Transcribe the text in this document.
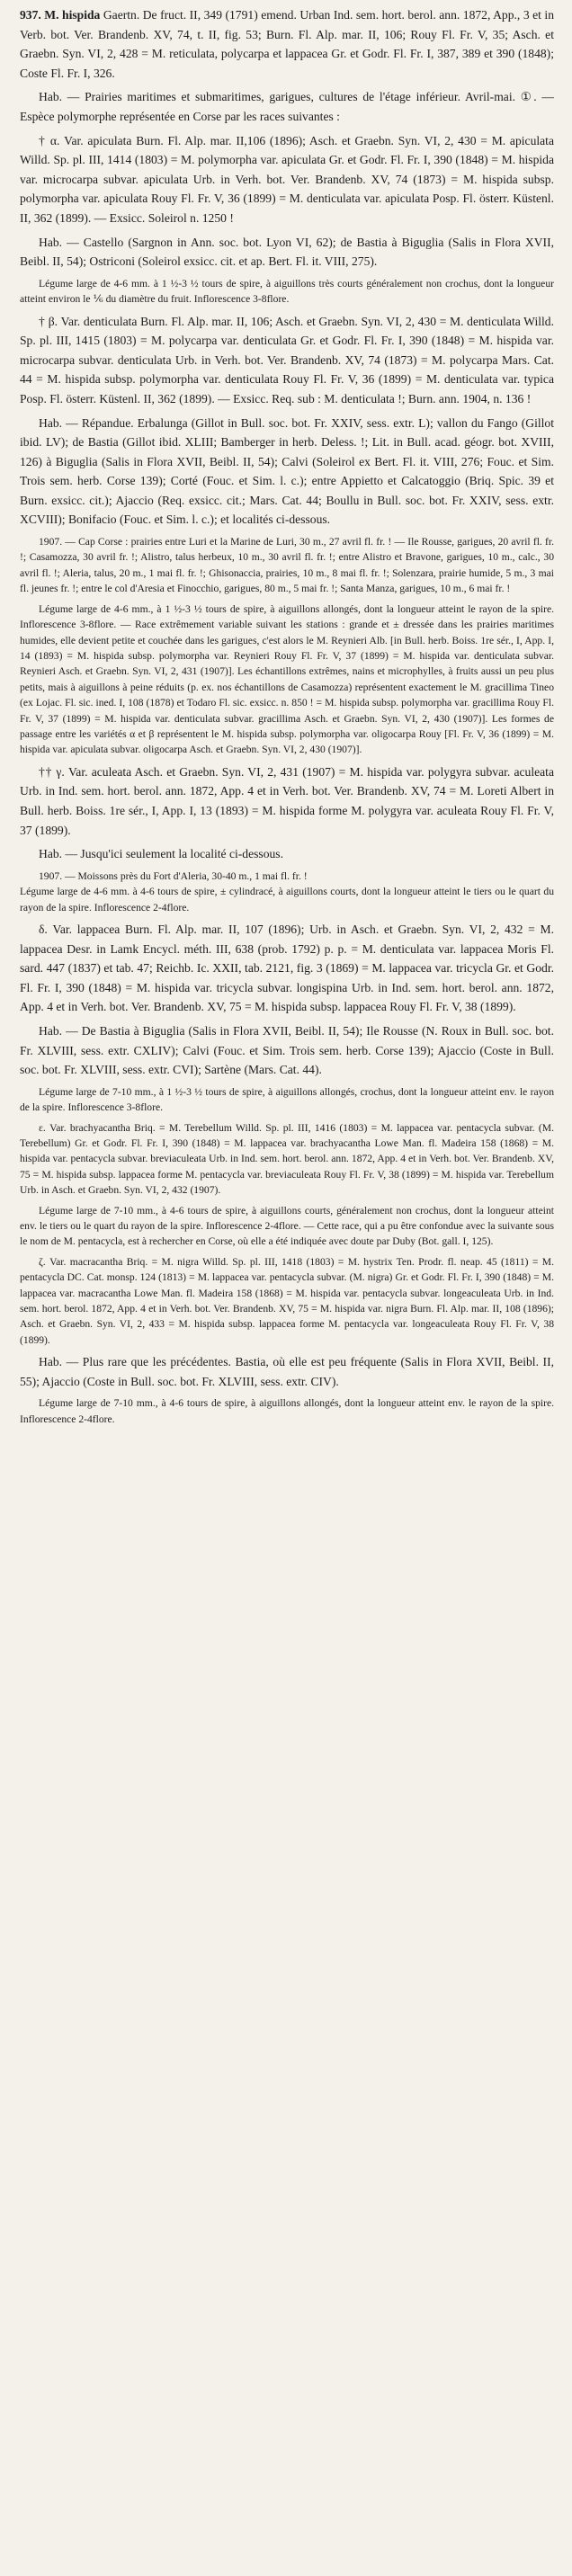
937. M. hispida Gaertn. De fruct. II, 349 (1791) emend. Urban Ind. sem. hort. berol. ann. 1872, App., 3 et in Verb. bot. Ver. Brandenb. XV, 74, t. II, fig. 53; Burn. Fl. Alp. mar. II, 106; Rouy Fl. Fr. V, 35; Asch. et Graebn. Syn. VI, 2, 428 = M. reticulata, polycarpa et lappacea Gr. et Godr. Fl. Fr. I, 387, 389 et 390 (1848); Coste Fl. Fr. I, 326.

Hab. — Prairies maritimes et submaritimes, garigues, cultures de l'étage inférieur. Avril-mai. ①. — Espèce polymorphe représentée en Corse par les races suivantes :

† α. Var. apiculata Burn. Fl. Alp. mar. II,106 (1896); Asch. et Graebn. Syn. VI, 2, 430 = M. apiculata Willd. Sp. pl. III, 1414 (1803) = M. polymorpha var. apiculata Gr. et Godr. Fl. Fr. I, 390 (1848) = M. hispida var. microcarpa subvar. apiculata Urb. in Verh. bot. Ver. Brandenb. XV, 74 (1873) = M. hispida subsp. polymorpha var. apiculata Rouy Fl. Fr. V, 36 (1899) = M. denticulata var. apiculata Posp. Fl. österr. Küstenl. II, 362 (1899). — Exsicc. Soleirol n. 1250 !

Hab. — Castello (Sargnon in Ann. soc. bot. Lyon VI, 62); de Bastia à Biguglia (Salis in Flora XVII, Beibl. II, 54); Ostriconi (Soleirol exsicc. cit. et ap. Bert. Fl. it. VIII, 275).

Légume large de 4-6 mm. à 1 ½-3 ½ tours de spire, à aiguillons très courts généralement non crochus, dont la longueur atteint environ le ⅙ du diamètre du fruit. Inflorescence 3-8flore.

† β. Var. denticulata Burn. Fl. Alp. mar. II, 106; Asch. et Graebn. Syn. VI, 2, 430 = M. denticulata Willd. Sp. pl. III, 1415 (1803) = M. polycarpa var. denticulata Gr. et Godr. Fl. Fr. I, 390 (1848) = M. hispida var. microcarpa subvar. denticulata Urb. in Verh. bot. Ver. Brandenb. XV, 74 (1873) = M. polycarpa Mars. Cat. 44 = M. hispida subsp. polymorpha var. denticulata Rouy Fl. Fr. V, 36 (1899) = M. denticulata var. typica Posp. Fl. österr. Küstenl. II, 362 (1899). — Exsicc. Req. sub : M. denticulata !; Burn. ann. 1904, n. 136 !

Hab. — Répandue. Erbalunga (Gillot in Bull. soc. bot. Fr. XXIV, sess. extr. L); vallon du Fango (Gillot ibid. LV); de Bastia (Gillot ibid. XLIII; Bamberger in herb. Deless. !; Lit. in Bull. acad. géogr. bot. XVIII, 126) à Biguglia (Salis in Flora XVII, Beibl. II, 54); Calvi (Soleirol ex Bert. Fl. it. VIII, 276; Fouc. et Sim. Trois sem. herb. Corse 139); Corté (Fouc. et Sim. l. c.); entre Appietto et Calcatoggio (Briq. Spic. 39 et Burn. exsicc. cit.); Ajaccio (Req. exsicc. cit.; Mars. Cat. 44; Boullu in Bull. soc. bot. Fr. XXIV, sess. extr. XCVIII); Bonifacio (Fouc. et Sim. l. c.); et localités ci-dessous.

1907. — Cap Corse : prairies entre Luri et la Marine de Luri, 30 m., 27 avril fl. fr. ! — Ile Rousse, garigues, 20 avril fl. fr. !; Casamozza, 30 avril fr. !; Alistro, talus herbeux, 10 m., 30 avril fl. fr. !; entre Alistro et Bravone, garigues, 10 m., calc., 30 avril fl. !; Aleria, talus, 20 m., 1 mai fl. fr. !; Ghisonaccia, prairies, 10 m., 8 mai fl. fr. !; Solenzara, prairie humide, 5 m., 3 mai fl. jeunes fr. !; entre le col d'Aresia et Finocchio, garigues, 80 m., 5 mai fr. !; Santa Manza, garigues, 10 m., 6 mai fr. !

Légume large de 4-6 mm., à 1 ½-3 ½ tours de spire, à aiguillons allongés, dont la longueur atteint le rayon de la spire. Inflorescence 3-8flore. — Race extrêmement variable suivant les stations : grande et ± dressée dans les prairies maritimes humides, elle devient petite et couchée dans les garigues, c'est alors le M. Reynieri Alb. [in Bull. herb. Boiss. 1re sér., I, App. I, 14 (1893) = M. hispida subsp. polymorpha var. Reynieri Rouy Fl. Fr. V, 37 (1899) = M. hispida var. denticulata subvar. Reynieri Asch. et Graebn. Syn. VI, 2, 431 (1907)]. Les échantillons extrêmes, nains et microphylles, à fruits aussi un peu plus petits, mais à aiguillons à peine réduits (p. ex. nos échantillons de Casamozza) représentent exactement le M. gracillima Tineo (ex Lojac. Fl. sic. ined. I, 108 (1878) et Todaro Fl. sic. exsicc. n. 850 ! = M. hispida subsp. polymorpha var. gracillima Rouy Fl. Fr. V, 37 (1899) = M. hispida var. denticulata subvar. gracillima Asch. et Graebn. Syn. VI, 2, 430 (1907)]. Les formes de passage entre les variétés α et β représentent le M. hispida subsp. polymorpha var. oligocarpa Rouy [Fl. Fr. V, 36 (1899) = M. hispida var. apiculata subvar. oligocarpa Asch. et Graebn. Syn. VI, 2, 430 (1907)].

†† γ. Var. aculeata Asch. et Graebn. Syn. VI, 2, 431 (1907) = M. hispida var. polygyra subvar. aculeata Urb. in Ind. sem. hort. berol. ann. 1872, App. 4 et in Verh. bot. Ver. Brandenb. XV, 74 = M. Loreti Albert in Bull. herb. Boiss. 1re sér., I, App. I, 13 (1893) = M. hispida forme M. polygyra var. aculeata Rouy Fl. Fr. V, 37 (1899).

Hab. — Jusqu'ici seulement la localité ci-dessous.

1907. — Moissons près du Fort d'Aleria, 30-40 m., 1 mai fl. fr. !
Légume large de 4-6 mm. à 4-6 tours de spire, ± cylindracé, à aiguillons courts, dont la longueur atteint le tiers ou le quart du rayon de la spire. Inflorescence 2-4flore.

δ. Var. lappacea Burn. Fl. Alp. mar. II, 107 (1896); Urb. in Asch. et Graebn. Syn. VI, 2, 432 = M. lappacea Desr. in Lamk Encycl. méth. III, 638 (prob. 1792) p. p. = M. denticulata var. lappacea Moris Fl. sard. 447 (1837) et tab. 47; Reichb. Ic. XXII, tab. 2121, fig. 3 (1869) = M. lappacea var. tricycla Gr. et Godr. Fl. Fr. I, 390 (1848) = M. hispida var. tricycla subvar. longispina Urb. in Ind. sem. hort. berol. ann. 1872, App. 4 et in Verh. bot. Ver. Brandenb. XV, 75 = M. hispida subsp. lappacea Rouy Fl. Fr. V, 38 (1899).

Hab. — De Bastia à Biguglia (Salis in Flora XVII, Beibl. II, 54); Ile Rousse (N. Roux in Bull. soc. bot. Fr. XLVIII, sess. extr. CXLIV); Calvi (Fouc. et Sim. Trois sem. herb. Corse 139); Ajaccio (Coste in Bull. soc. bot. Fr. XLVIII, sess. extr. CVI); Sartène (Mars. Cat. 44).

Légume large de 7-10 mm., à 1 ½-3 ½ tours de spire, à aiguillons allongés, crochus, dont la longueur atteint env. le rayon de la spire. Inflorescence 3-8flore.

ε. Var. brachyacantha Briq. = M. Terebellum Willd. Sp. pl. III, 1416 (1803) = M. lappacea var. pentacycla subvar. (M. Terebellum) Gr. et Godr. Fl. Fr. I, 390 (1848) = M. lappacea var. brachyacantha Lowe Man. fl. Madeira 158 (1868) = M. hispida var. pentacycla subvar. breviaculeata Urb. in Ind. sem. hort. berol. ann. 1872, App. 4 et in Verh. bot. Ver. Brandenb. XV, 75 = M. hispida subsp. lappacea forme M. pentacycla var. breviaculeata Rouy Fl. Fr. V, 38 (1899) = M. hispida var. Terebellum Urb. in Asch. et Graebn. Syn. VI, 2, 432 (1907).

Légume large de 7-10 mm., à 4-6 tours de spire, à aiguillons courts, généralement non crochus, dont la longueur atteint env. le tiers ou le quart du rayon de la spire. Inflorescence 2-4flore. — Cette race, qui a pu être confondue avec la suivante sous le nom de M. pentacycla, est à rechercher en Corse, où elle a été indiquée avec doute par Duby (Bot. gall. I, 125).

ζ. Var. macracantha Briq. = M. nigra Willd. Sp. pl. III, 1418 (1803) = M. hystrix Ten. Prodr. fl. neap. 45 (1811) = M. pentacycla DC. Cat. monsp. 124 (1813) = M. lappacea var. pentacycla subvar. (M. nigra) Gr. et Godr. Fl. Fr. I, 390 (1848) = M. lappacea var. macracantha Lowe Man. fl. Madeira 158 (1868) = M. hispida var. pentacycla subvar. longeaculeata Urb. in Ind. sem. hort. berol. 1872, App. 4 et in Verh. bot. Ver. Brandenb. XV, 75 = M. hispida var. nigra Burn. Fl. Alp. mar. II, 108 (1896); Asch. et Graebn. Syn. VI, 2, 433 = M. hispida subsp. lappacea forme M. pentacycla var. longeaculeata Rouy Fl. Fr. V, 38 (1899).

Hab. — Plus rare que les précédentes. Bastia, où elle est peu fréquente (Salis in Flora XVII, Beibl. II, 55); Ajaccio (Coste in Bull. soc. bot. Fr. XLVIII, sess. extr. CIV).

Légume large de 7-10 mm., à 4-6 tours de spire, à aiguillons allongés, dont la longueur atteint env. le rayon de la spire. Inflorescence 2-4flore.
